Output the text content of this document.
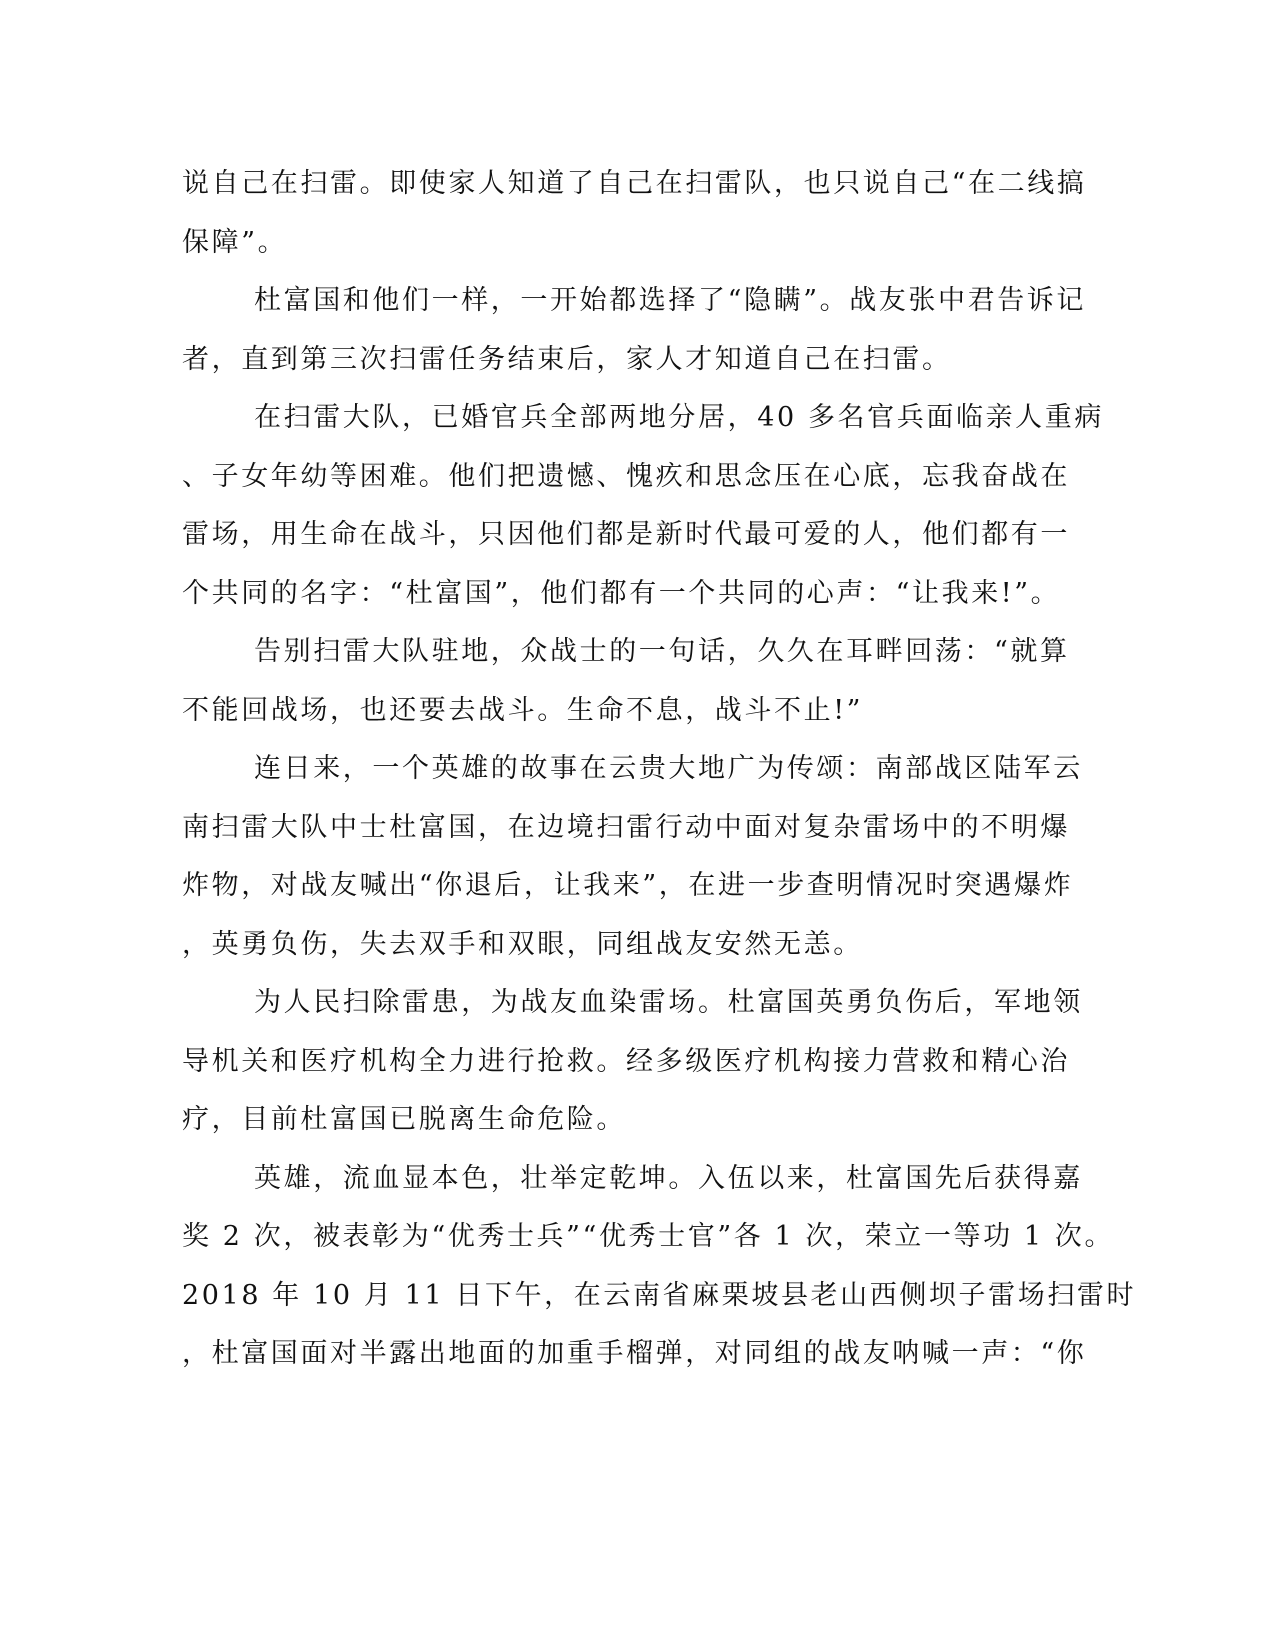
说自己在扫雷。即使家人知道了自己在扫雷队，也只说自己“在二线搞
保障”。
杜富国和他们一样，一开始都选择了“隐瞒”。战友张中君告诉记
者，直到第三次扫雷任务结束后，家人才知道自己在扫雷。
在扫雷大队，已婚官兵全部两地分居，40 多名官兵面临亲人重病
、子女年幼等困难。他们把遗憾、愧疚和思念压在心底，忘我奋战在
雷场，用生命在战斗，只因他们都是新时代最可爱的人，他们都有一
个共同的名字：“杜富国”，他们都有一个共同的心声：“让我来!”。
告别扫雷大队驻地，众战士的一句话，久久在耳畔回荡：“就算
不能回战场，也还要去战斗。生命不息，战斗不止!”
连日来，一个英雄的故事在云贵大地广为传颂：南部战区陆军云
南扫雷大队中士杜富国，在边境扫雷行动中面对复杂雷场中的不明爆
炸物，对战友喊出“你退后，让我来”，在进一步查明情况时突遇爆炸
，英勇负伤，失去双手和双眼，同组战友安然无恙。
为人民扫除雷患，为战友血染雷场。杜富国英勇负伤后，军地领
导机关和医疗机构全力进行抢救。经多级医疗机构接力营救和精心治
疗，目前杜富国已脱离生命危险。
英雄，流血显本色，壮举定乾坤。入伍以来，杜富国先后获得嘉
奖 2 次，被表彰为“优秀士兵”“优秀士官”各 1 次，荣立一等功 1 次。
2018 年 10 月 11 日下午，在云南省麻栗坡县老山西侧坝子雷场扫雷时
，杜富国面对半露出地面的加重手榴弹，对同组的战友呐喊一声：“你
